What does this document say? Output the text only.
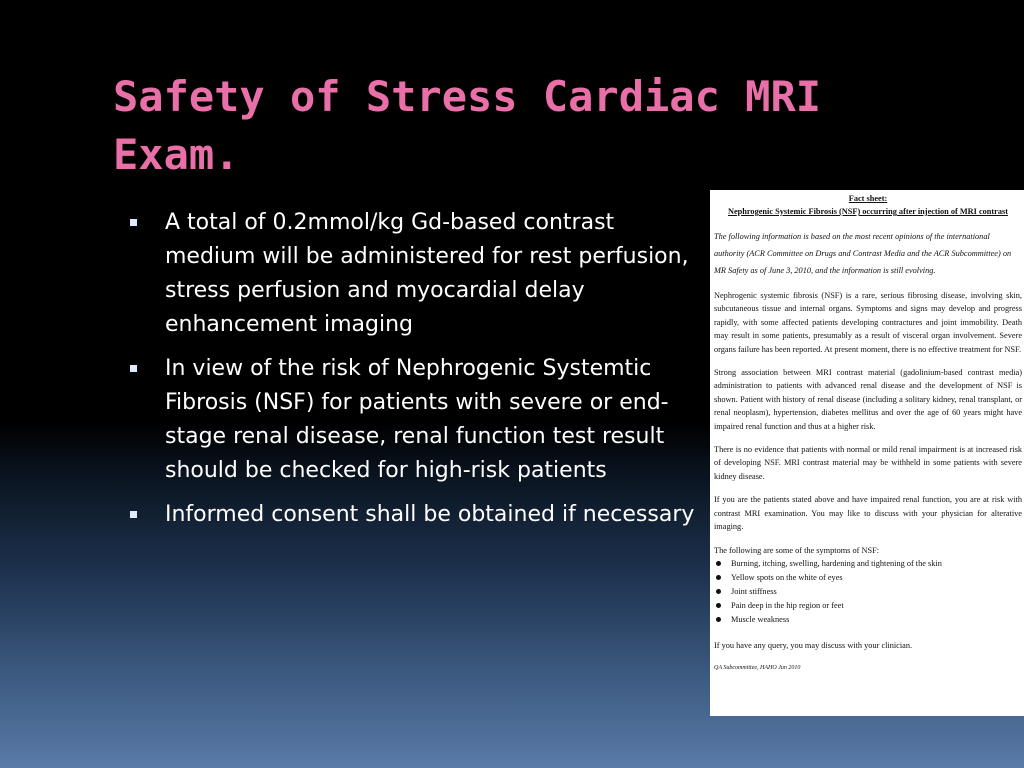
Safety of Stress Cardiac MRI Exam.
A total of 0.2mmol/kg Gd-based contrast medium will be administered for rest perfusion, stress perfusion and myocardial delay enhancement imaging
In view of the risk of Nephrogenic Systemtic Fibrosis (NSF) for patients with severe or end-stage renal disease, renal function test result should be checked for high-risk patients
Informed consent shall be obtained if necessary

Fact sheet:

Nephrogenic Systemic Fibrosis (NSF) occurring after injection of MRI contrast

The following information is based on the most recent opinions of the international authority (ACR Committee on Drugs and Contrast Media and the ACR Subcommittee) on MR Safety as of June 3, 2010, and the information is still evolving.

Nephrogenic systemic fibrosis (NSF) is a rare, serious fibrosing disease, involving skin, subcutaneous tissue and internal organs. Symptoms and signs may develop and progress rapidly, with some affected patients developing contractures and joint immobility. Death may result in some patients, presumably as a result of visceral organ involvement. Severe organs failure has been reported. At present moment, there is no effective treatment for NSF.

Strong association between MRI contrast material (gadolinium-based contrast media) administration to patients with advanced renal disease and the development of NSF is shown. Patient with history of renal disease (including a solitary kidney, renal transplant, or renal neoplasm), hypertension, diabetes mellitus and over the age of 60 years might have impaired renal function and thus at a higher risk.

There is no evidence that patients with normal or mild renal impairment is at increased risk of developing NSF. MRI contrast material may be withheld in some patients with severe kidney disease.

If you are the patients stated above and have impaired renal function, you are at risk with contrast MRI examination. You may like to discuss with your physician for alterative imaging.

The following are some of the symptoms of NSF:

Burning, itching, swelling, hardening and tightening of the skin
Yellow spots on the white of eyes
Joint stiffness
Pain deep in the hip region or feet
Muscle weakness

If you have any query, you may discuss with your clinician.

QA Subcommittee, HAHO Jun 2010
